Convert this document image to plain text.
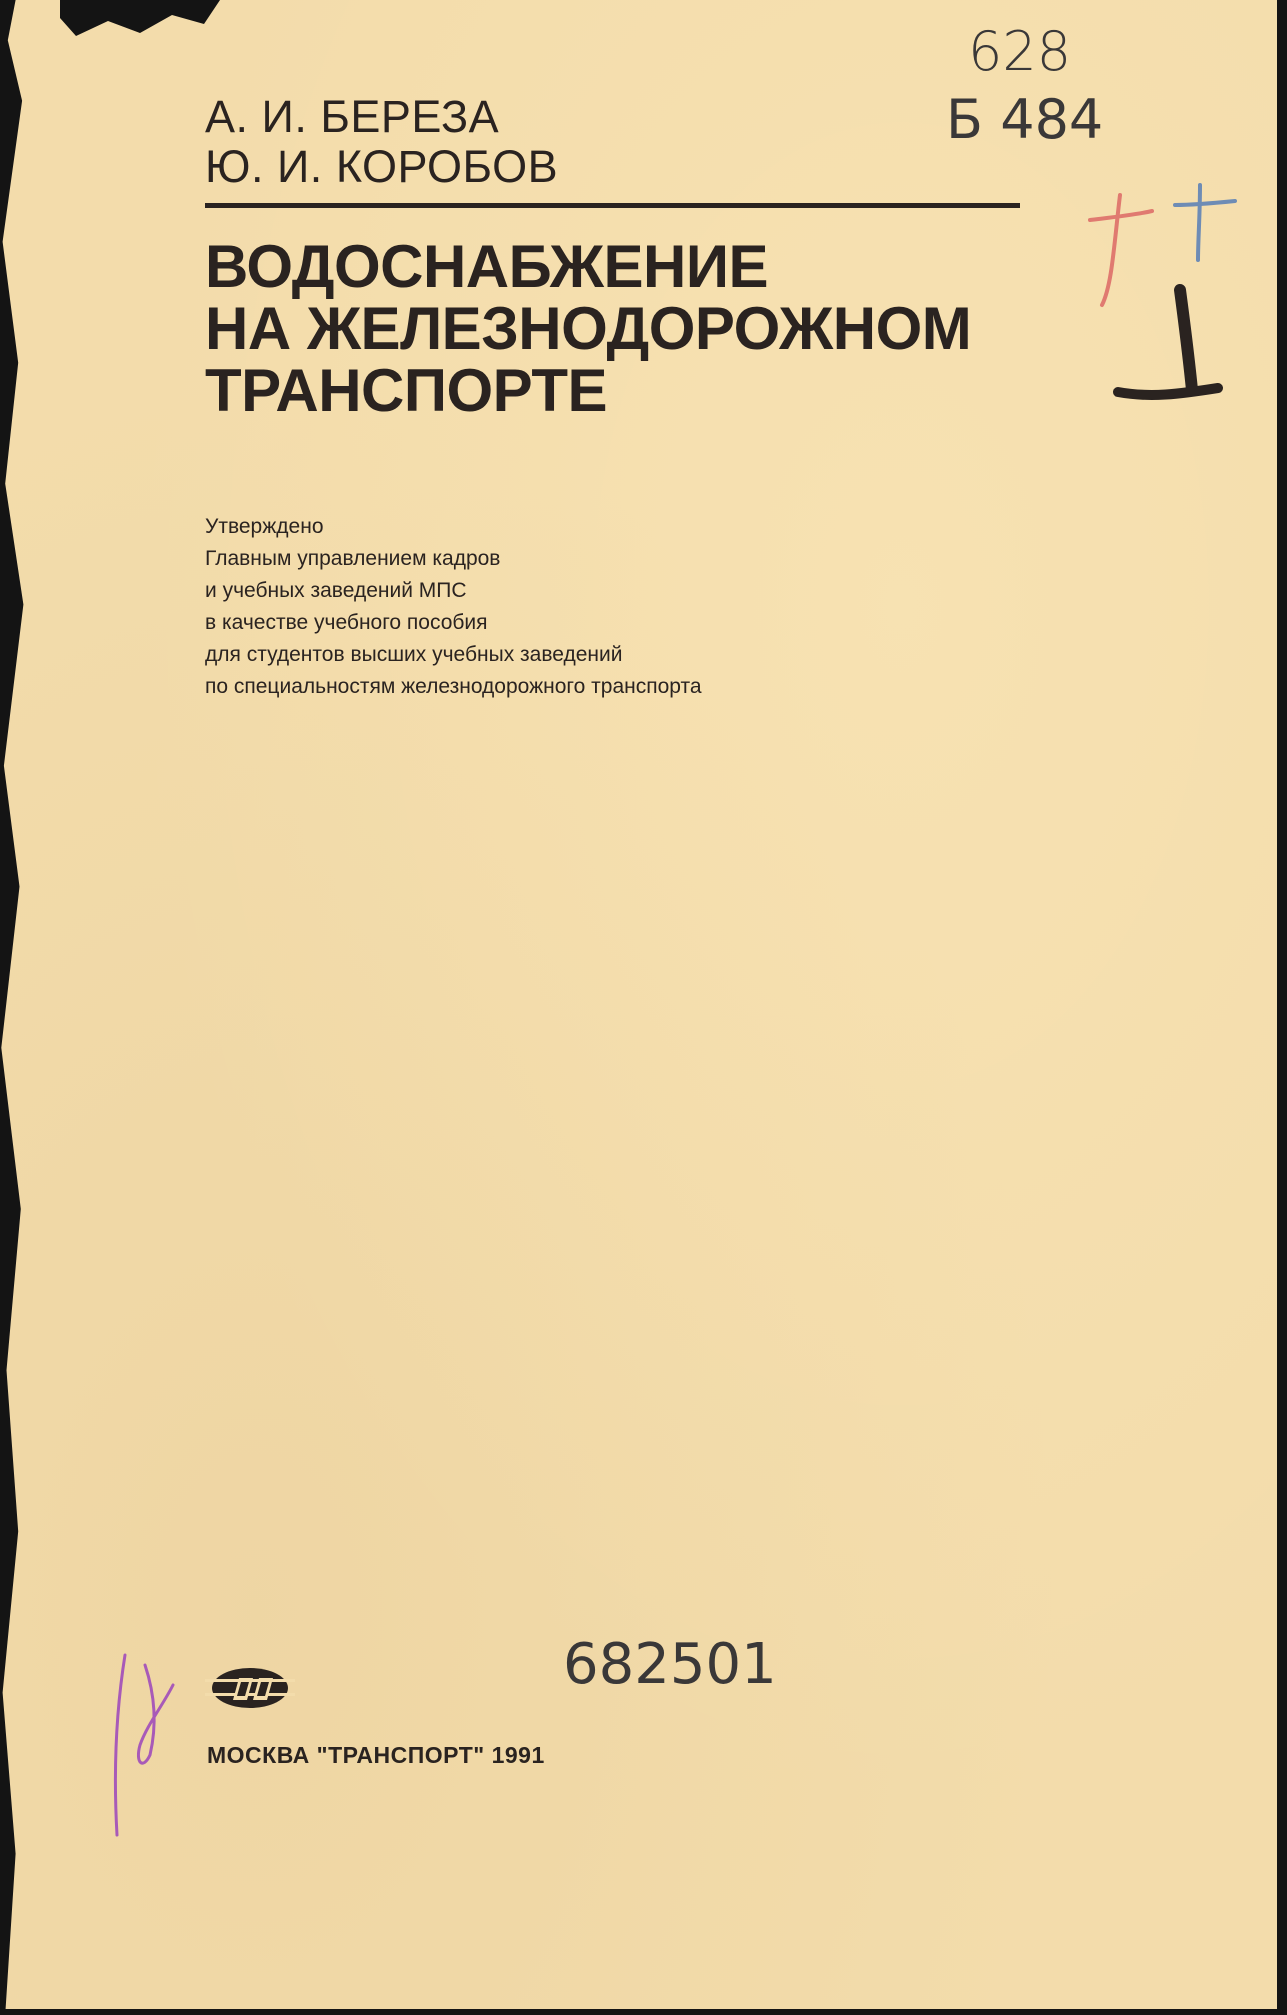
А. И. БЕРЕЗА
Ю. И. КОРОБОВ
ВОДОСНАБЖЕНИЕ
НА ЖЕЛЕЗНОДОРОЖНОМ
ТРАНСПОРТЕ
Утверждено
Главным управлением кадров
и учебных заведений МПС
в качестве учебного пособия
для студентов высших учебных заведений
по специальностям железнодорожного транспорта
628
Б 484
682501
МОСКВА "ТРАНСПОРТ" 1991
